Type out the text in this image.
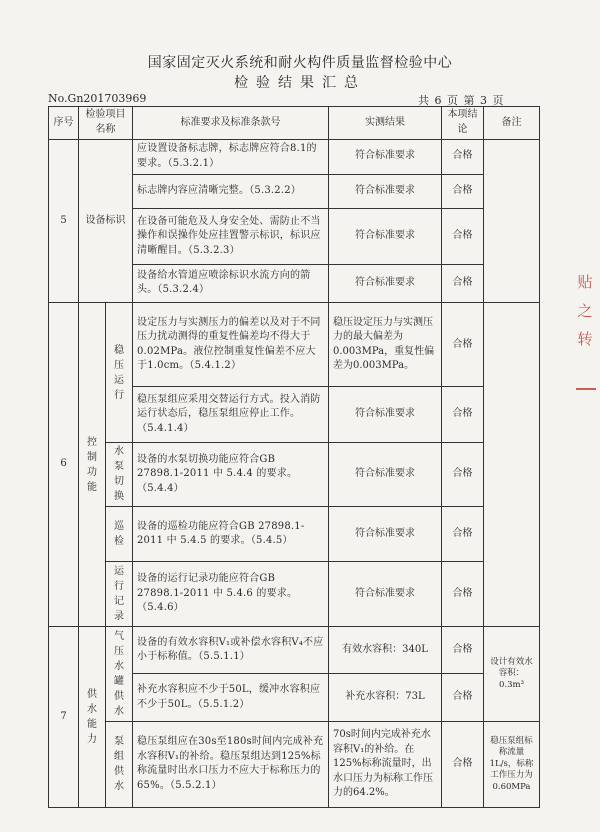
国家固定灭火系统和耐火构件质量监督检验中心
检验结果汇总
No.Gn201703969	共 6 页 第 3 页
序号	检验项目名称		标准要求及标准条款号	实测结果	本项结论	备注
5	设备标识		应设置设备标志牌，标志牌应符合8.1的要求。（5.3.2.1）	符合标准要求	合格	
			标志牌内容应清晰完整。（5.3.2.2）	符合标准要求	合格	
			在设备可能危及人身安全处、需防止不当操作和误操作处应挂置警示标识，标识应清晰醒目。（5.3.2.3）	符合标准要求	合格	
			设备给水管道应喷涂标识水流方向的箭头。（5.3.2.4）	符合标准要求	合格	
6	控制功能	稳压运行	设定压力与实测压力的偏差以及对于不同压力扰动测得的重复性偏差均不得大于0.02MPa。液位控制重复性偏差不应大于1.0cm。（5.4.1.2）	稳压设定压力与实测压力的最大偏差为0.003MPa，重复性偏差为0.003MPa。	合格	
			稳压泵组应采用交替运行方式。投入消防运行状态后，稳压泵组应停止工作。（5.4.1.4）	符合标准要求	合格	
		水泵切换	设备的水泵切换功能应符合GB 27898.1-2011 中 5.4.4 的要求。（5.4.4）	符合标准要求	合格	
		巡检	设备的巡检功能应符合GB 27898.1-2011 中 5.4.5 的要求。（5.4.5）	符合标准要求	合格	
		运行记录	设备的运行记录功能应符合GB 27898.1-2011 中 5.4.6 的要求。（5.4.6）	符合标准要求	合格	
7	供水能力	气压水罐供水	设备的有效水容积V₁或补偿水容积V₄不应小于标称值。（5.5.1.1）	有效水容积：340L	合格	设计有效水容积：0.3m³
			补充水容积应不少于50L，缓冲水容积应不少于50L。（5.5.1.2）	补充水容积：73L	合格	
		泵组供水	稳压泵组应在30s至180s时间内完成补充水容积V₁的补给。稳压泵组达到125%标称流量时出水口压力不应大于标称压力的65%。（5.5.2.1）	70s时间内完成补充水容积V₁的补给。在125%标称流量时，出水口压力为标称工作压力的64.2%。	合格	稳压泵组标称流量1L/s，标称工作压力为0.60MPa
贴 之 转
